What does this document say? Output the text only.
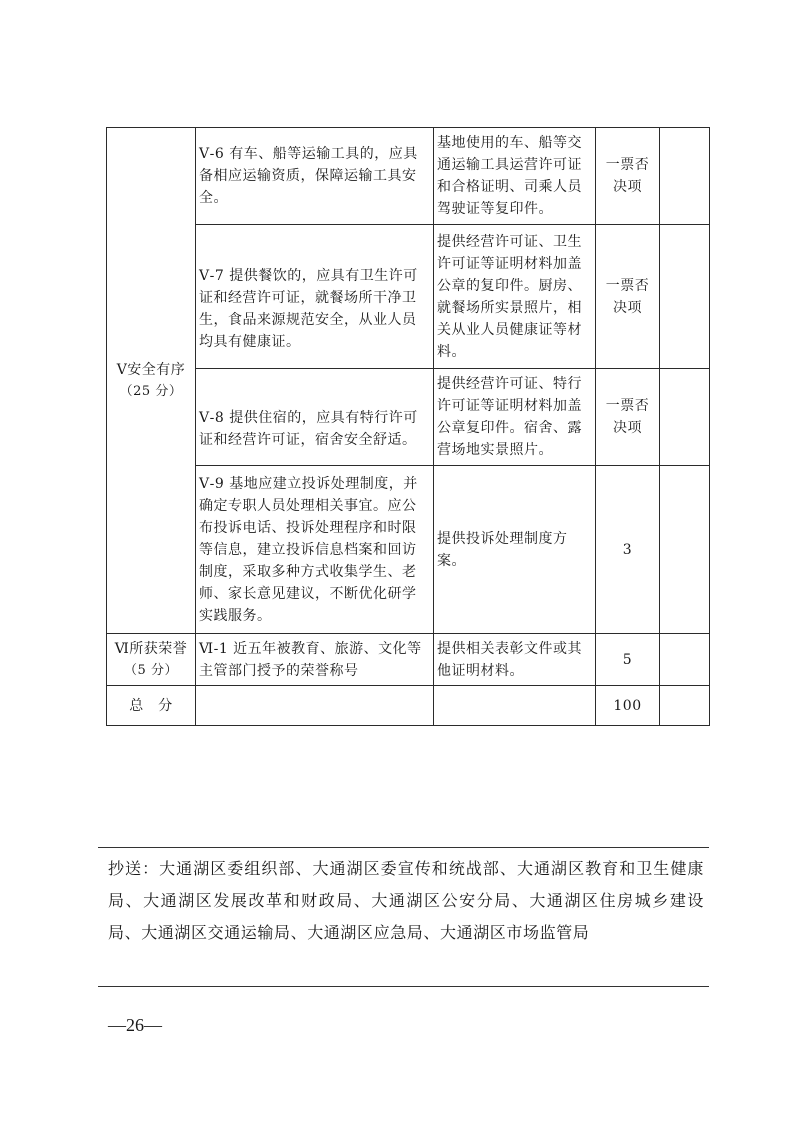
Ⅴ安全有序
（25 分）	Ⅴ-6 有车、船等运输工具的，应具备相应运输资质，保障运输工具安全。	基地使用的车、船等交通运输工具运营许可证和合格证明、司乘人员驾驶证等复印件。	一票否决项	
	Ⅴ-7 提供餐饮的，应具有卫生许可证和经营许可证，就餐场所干净卫生，食品来源规范安全，从业人员均具有健康证。	提供经营许可证、卫生许可证等证明材料加盖公章的复印件。厨房、就餐场所实景照片，相关从业人员健康证等材料。	一票否决项	
	Ⅴ-8 提供住宿的，应具有特行许可证和经营许可证，宿舍安全舒适。	提供经营许可证、特行许可证等证明材料加盖公章复印件。宿舍、露营场地实景照片。	一票否决项	
	Ⅴ-9 基地应建立投诉处理制度，并确定专职人员处理相关事宜。应公布投诉电话、投诉处理程序和时限等信息，建立投诉信息档案和回访制度，采取多种方式收集学生、老师、家长意见建议，不断优化研学实践服务。	提供投诉处理制度方案。	3	
Ⅵ所获荣誉
（5 分）	Ⅵ-1 近五年被教育、旅游、文化等主管部门授予的荣誉称号	提供相关表彰文件或其他证明材料。	5	
总　分			100	
抄送：大通湖区委组织部、大通湖区委宣传和统战部、大通湖区教育和卫生健康局、大通湖区发展改革和财政局、大通湖区公安分局、大通湖区住房城乡建设局、大通湖区交通运输局、大通湖区应急局、大通湖区市场监管局
—26—
